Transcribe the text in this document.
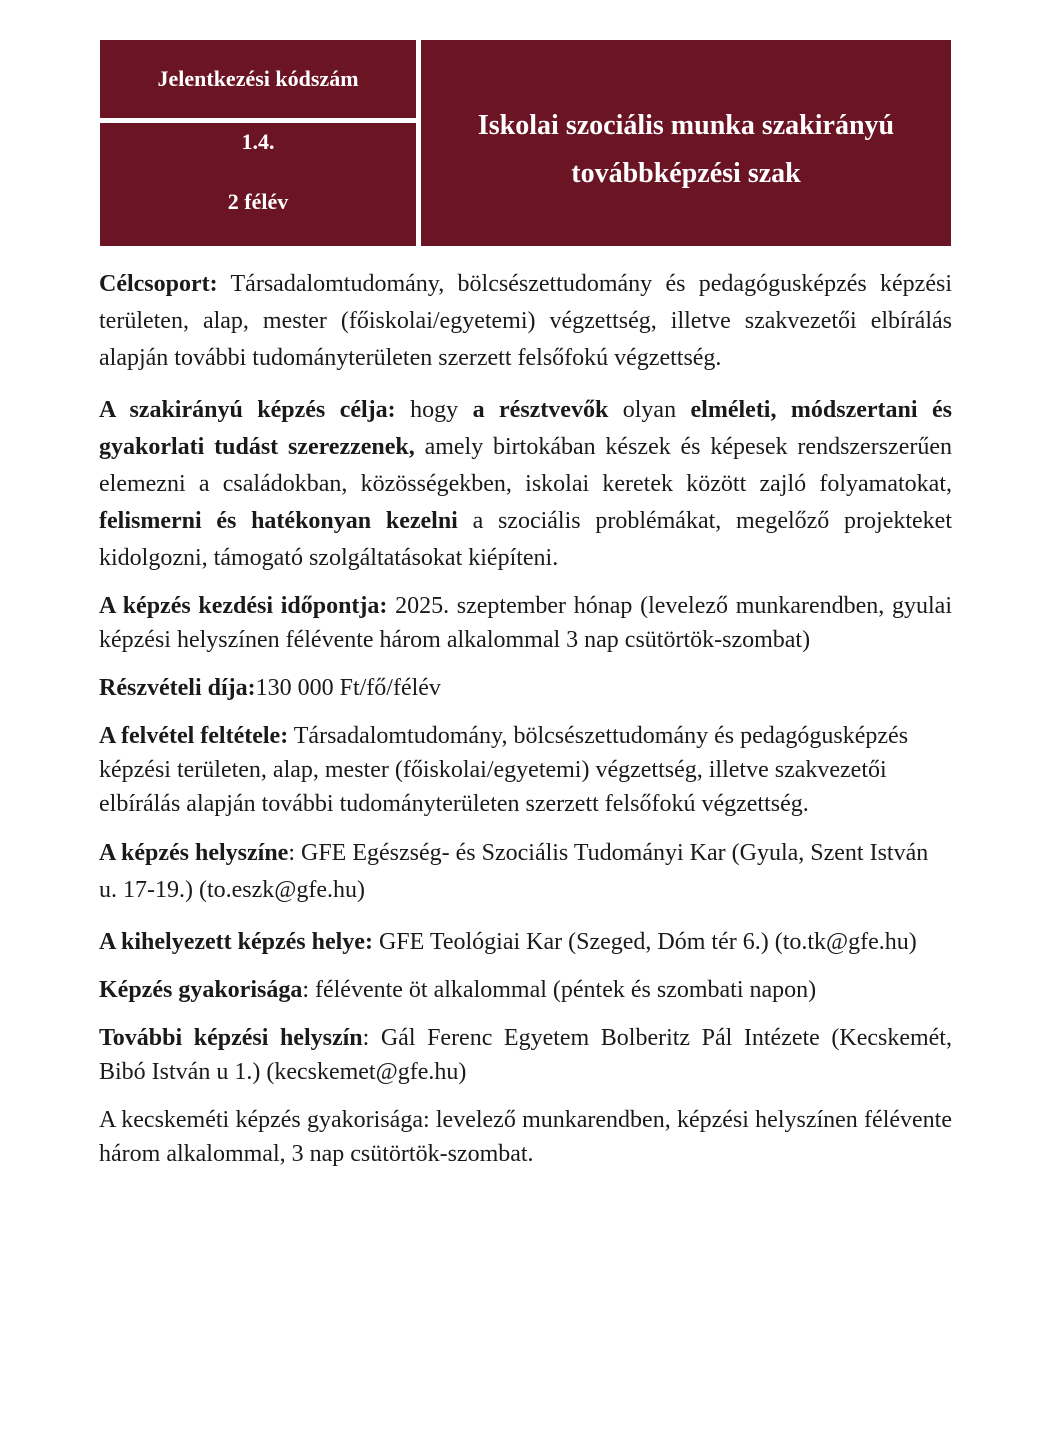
Jelentkezési kódszám
1.4.
2 félév
Iskolai szociális munka szakirányú továbbképzési szak

Célcsoport: Társadalomtudomány, bölcsészettudomány és pedagógusképzés képzési területen, alap, mester (főiskolai/egyetemi) végzettség, illetve szakvezetői elbírálás alapján további tudományterületen szerzett felsőfokú végzettség.

A szakirányú képzés célja: hogy a résztvevők olyan elméleti, módszertani és gyakorlati tudást szerezzenek, amely birtokában készek és képesek rendszerszerűen elemezni a családokban, közösségekben, iskolai keretek között zajló folyamatokat, felismerni és hatékonyan kezelni a szociális problémákat, megelőző projekteket kidolgozni, támogató szolgáltatásokat kiépíteni.

A képzés kezdési időpontja: 2025. szeptember hónap (levelező munkarendben, gyulai képzési helyszínen félévente három alkalommal 3 nap csütörtök-szombat)

Részvételi díja:130 000 Ft/fő/félév

A felvétel feltétele: Társadalomtudomány, bölcsészettudomány és pedagógusképzés képzési területen, alap, mester (főiskolai/egyetemi) végzettség, illetve szakvezetői elbírálás alapján további tudományterületen szerzett felsőfokú végzettség.

A képzés helyszíne: GFE Egészség- és Szociális Tudományi Kar (Gyula, Szent István u. 17-19.) (to.eszk@gfe.hu)

A kihelyezett képzés helye: GFE Teológiai Kar (Szeged, Dóm tér 6.) (to.tk@gfe.hu)

Képzés gyakorisága: félévente öt alkalommal (péntek és szombati napon)

További képzési helyszín: Gál Ferenc Egyetem Bolberitz Pál Intézete (Kecskemét, Bibó István u 1.) (kecskemet@gfe.hu)

A kecskeméti képzés gyakorisága: levelező munkarendben, képzési helyszínen félévente három alkalommal, 3 nap csütörtök-szombat.
